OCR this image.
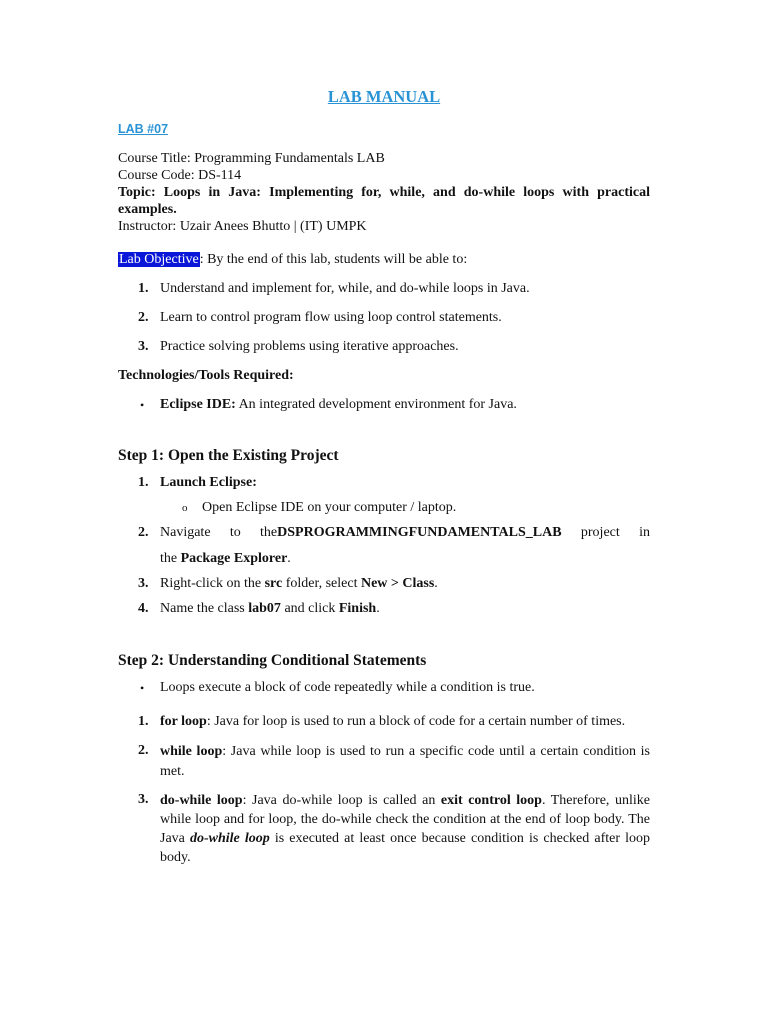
LAB MANUAL
LAB #07
Course Title: Programming Fundamentals LAB
Course Code: DS-114
Topic: Loops in Java: Implementing for, while, and do-while loops with practical examples.
Instructor: Uzair Anees Bhutto | (IT) UMPK
Lab Objective: By the end of this lab, students will be able to:
1. Understand and implement for, while, and do-while loops in Java.
2. Learn to control program flow using loop control statements.
3. Practice solving problems using iterative approaches.
Technologies/Tools Required:
• Eclipse IDE: An integrated development environment for Java.
Step 1: Open the Existing Project
1. Launch Eclipse:
o Open Eclipse IDE on your computer / laptop.
2. Navigate to theDSPROGRAMMINGFUNDAMENTALS_LAB project in
the Package Explorer.
3. Right-click on the src folder, select New > Class.
4. Name the class lab07 and click Finish.
Step 2: Understanding Conditional Statements
• Loops execute a block of code repeatedly while a condition is true.
1. for loop: Java for loop is used to run a block of code for a certain number of times.
2. while loop: Java while loop is used to run a specific code until a certain condition is met.
3. do-while loop: Java do-while loop is called an exit control loop. Therefore, unlike while loop and for loop, the do-while check the condition at the end of loop body. The Java do-while loop is executed at least once because condition is checked after loop body.
